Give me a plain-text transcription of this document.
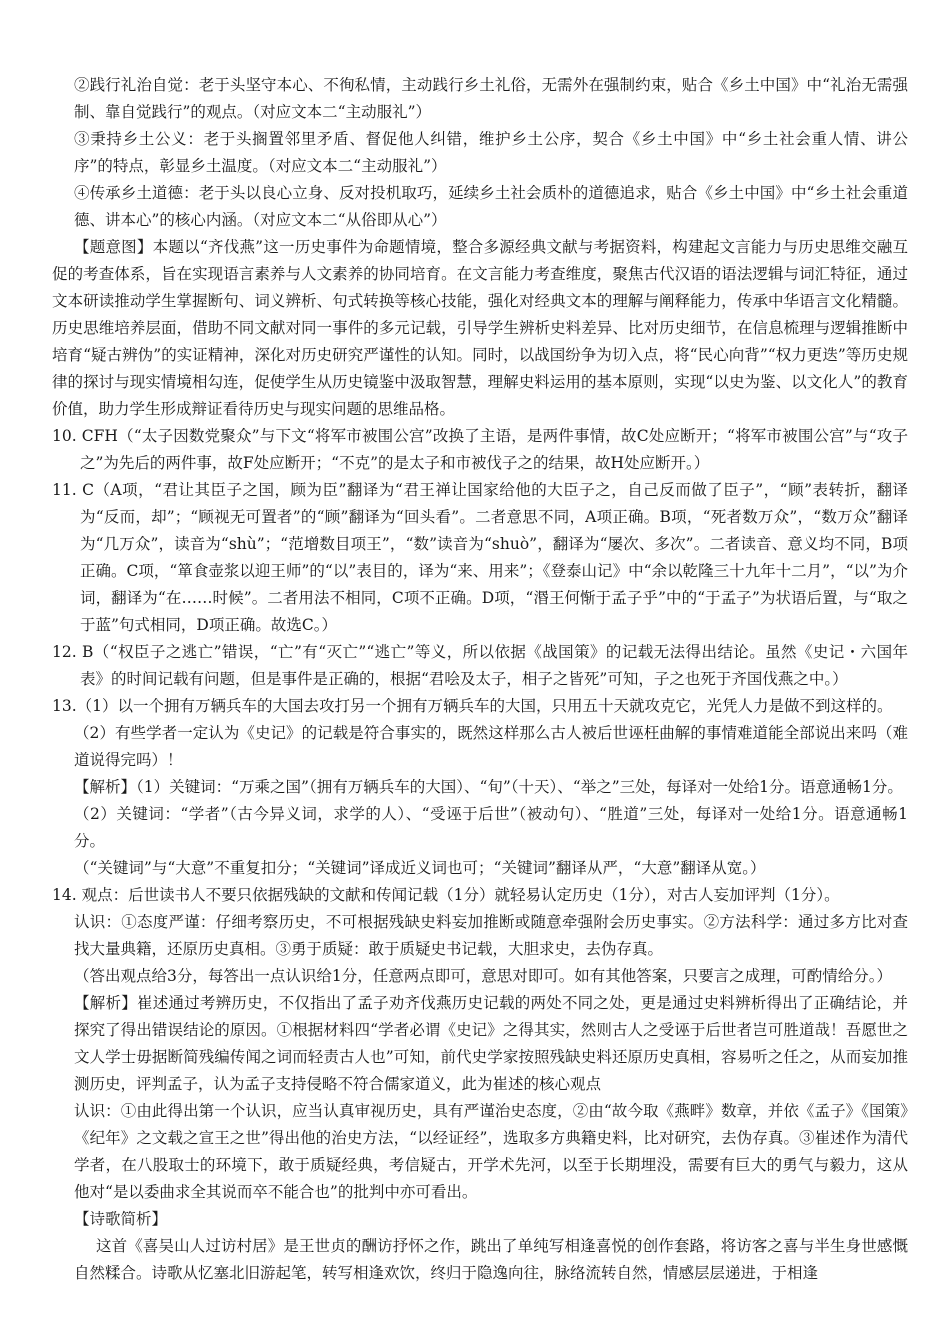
②践行礼治自觉：老于头坚守本心、不徇私情，主动践行乡土礼俗，无需外在强制约束，贴合《乡土中国》中“礼治无需强制、靠自觉践行”的观点。（对应文本二“主动服礼”）

③秉持乡土公义：老于头搁置邻里矛盾、督促他人纠错，维护乡土公序，契合《乡土中国》中“乡土社会重人情、讲公序”的特点，彰显乡土温度。（对应文本二“主动服礼”）

④传承乡土道德：老于头以良心立身、反对投机取巧，延续乡土社会质朴的道德追求，贴合《乡土中国》中“乡土社会重道德、讲本心”的核心内涵。（对应文本二“从俗即从心”）

【题意图】本题以“齐伐燕”这一历史事件为命题情境，整合多源经典文献与考据资料，构建起文言能力与历史思维交融互促的考查体系，旨在实现语言素养与人文素养的协同培育。在文言能力考查维度，聚焦古代汉语的语法逻辑与词汇特征，通过文本研读推动学生掌握断句、词义辨析、句式转换等核心技能，强化对经典文本的理解与阐释能力，传承中华语言文化精髓。历史思维培养层面，借助不同文献对同一事件的多元记载，引导学生辨析史料差异、比对历史细节，在信息梳理与逻辑推断中培育“疑古辨伪”的实证精神，深化对历史研究严谨性的认知。同时，以战国纷争为切入点，将“民心向背”“权力更迭”等历史规律的探讨与现实情境相勾连，促使学生从历史镜鉴中汲取智慧，理解史料运用的基本原则，实现“以史为鉴、以文化人”的教育价值，助力学生形成辩证看待历史与现实问题的思维品格。

10. CFH（“太子因数党聚众”与下文“将军市被围公宫”改换了主语，是两件事情，故C处应断开；“将军市被围公宫”与“攻子之”为先后的两件事，故F处应断开；“不克”的是太子和市被伐子之的结果，故H处应断开。）

11. C（A项，“君让其臣子之国，顾为臣”翻译为“君王禅让国家给他的大臣子之，自己反而做了臣子”，“顾”表转折，翻译为“反而，却”；“顾视无可置者”的“顾”翻译为“回头看”。二者意思不同，A项正确。B项，“死者数万众”，“数万众”翻译为“几万众”，读音为“shù”；“范增数目项王”，“数”读音为“shuò”，翻译为“屡次、多次”。二者读音、意义均不同，B项正确。C项，“箪食壶浆以迎王师”的“以”表目的，译为“来、用来”；《登泰山记》中“余以乾隆三十九年十二月”，“以”为介词，翻译为“在……时候”。二者用法不相同，C项不正确。D项，“湣王何惭于孟子乎”中的“于孟子”为状语后置，与“取之于蓝”句式相同，D项正确。故选C。）

12. B（“权臣子之逃亡”错误，“亡”有“灭亡”“逃亡”等义，所以依据《战国策》的记载无法得出结论。虽然《史记・六国年表》的时间记载有问题，但是事件是正确的，根据“君哙及太子，相子之皆死”可知，子之也死于齐国伐燕之中。）

13.（1）以一个拥有万辆兵车的大国去攻打另一个拥有万辆兵车的大国，只用五十天就攻克它，光凭人力是做不到这样的。

（2）有些学者一定认为《史记》的记载是符合事实的，既然这样那么古人被后世诬枉曲解的事情难道能全部说出来吗（难道说得完吗）！

【解析】（1）关键词：“万乘之国”（拥有万辆兵车的大国）、“旬”（十天）、“举之”三处，每译对一处给1分。语意通畅1分。

（2）关键词：“学者”（古今异义词，求学的人）、“受诬于后世”（被动句）、“胜道”三处，每译对一处给1分。语意通畅1分。

（“关键词”与“大意”不重复扣分；“关键词”译成近义词也可；“关键词”翻译从严，“大意”翻译从宽。）

14. 观点：后世读书人不要只依据残缺的文献和传闻记载（1分）就轻易认定历史（1分），对古人妄加评判（1分）。

认识：①态度严谨：仔细考察历史，不可根据残缺史料妄加推断或随意牵强附会历史事实。②方法科学：通过多方比对查找大量典籍，还原历史真相。③勇于质疑：敢于质疑史书记载，大胆求史，去伪存真。

（答出观点给3分，每答出一点认识给1分，任意两点即可，意思对即可。如有其他答案，只要言之成理，可酌情给分。）

【解析】崔述通过考辨历史，不仅指出了孟子劝齐伐燕历史记载的两处不同之处，更是通过史料辨析得出了正确结论，并探究了得出错误结论的原因。①根据材料四“学者必谓《史记》之得其实，然则古人之受诬于后世者岂可胜道哉！吾愿世之文人学士毋据断简残编传闻之词而轻责古人也”可知，前代史学家按照残缺史料还原历史真相，容易听之任之，从而妄加推测历史，评判孟子，认为孟子支持侵略不符合儒家道义，此为崔述的核心观点

认识：①由此得出第一个认识，应当认真审视历史，具有严谨治史态度，②由“故今取《燕畔》数章，并依《孟子》《国策》《纪年》之文载之宣王之世”得出他的治史方法，“以经证经”，选取多方典籍史料，比对研究，去伪存真。③崔述作为清代学者，在八股取士的环境下，敢于质疑经典，考信疑古，开学术先河，以至于长期埋没，需要有巨大的勇气与毅力，这从他对“是以委曲求全其说而卒不能合也”的批判中亦可看出。

【诗歌简析】

这首《喜吴山人过访村居》是王世贞的酬访抒怀之作，跳出了单纯写相逢喜悦的创作套路，将访客之喜与半生身世感慨自然糅合。诗歌从忆塞北旧游起笔，转写相逢欢饮，终归于隐逸向往，脉络流转自然，情感层层递进，于相逢
